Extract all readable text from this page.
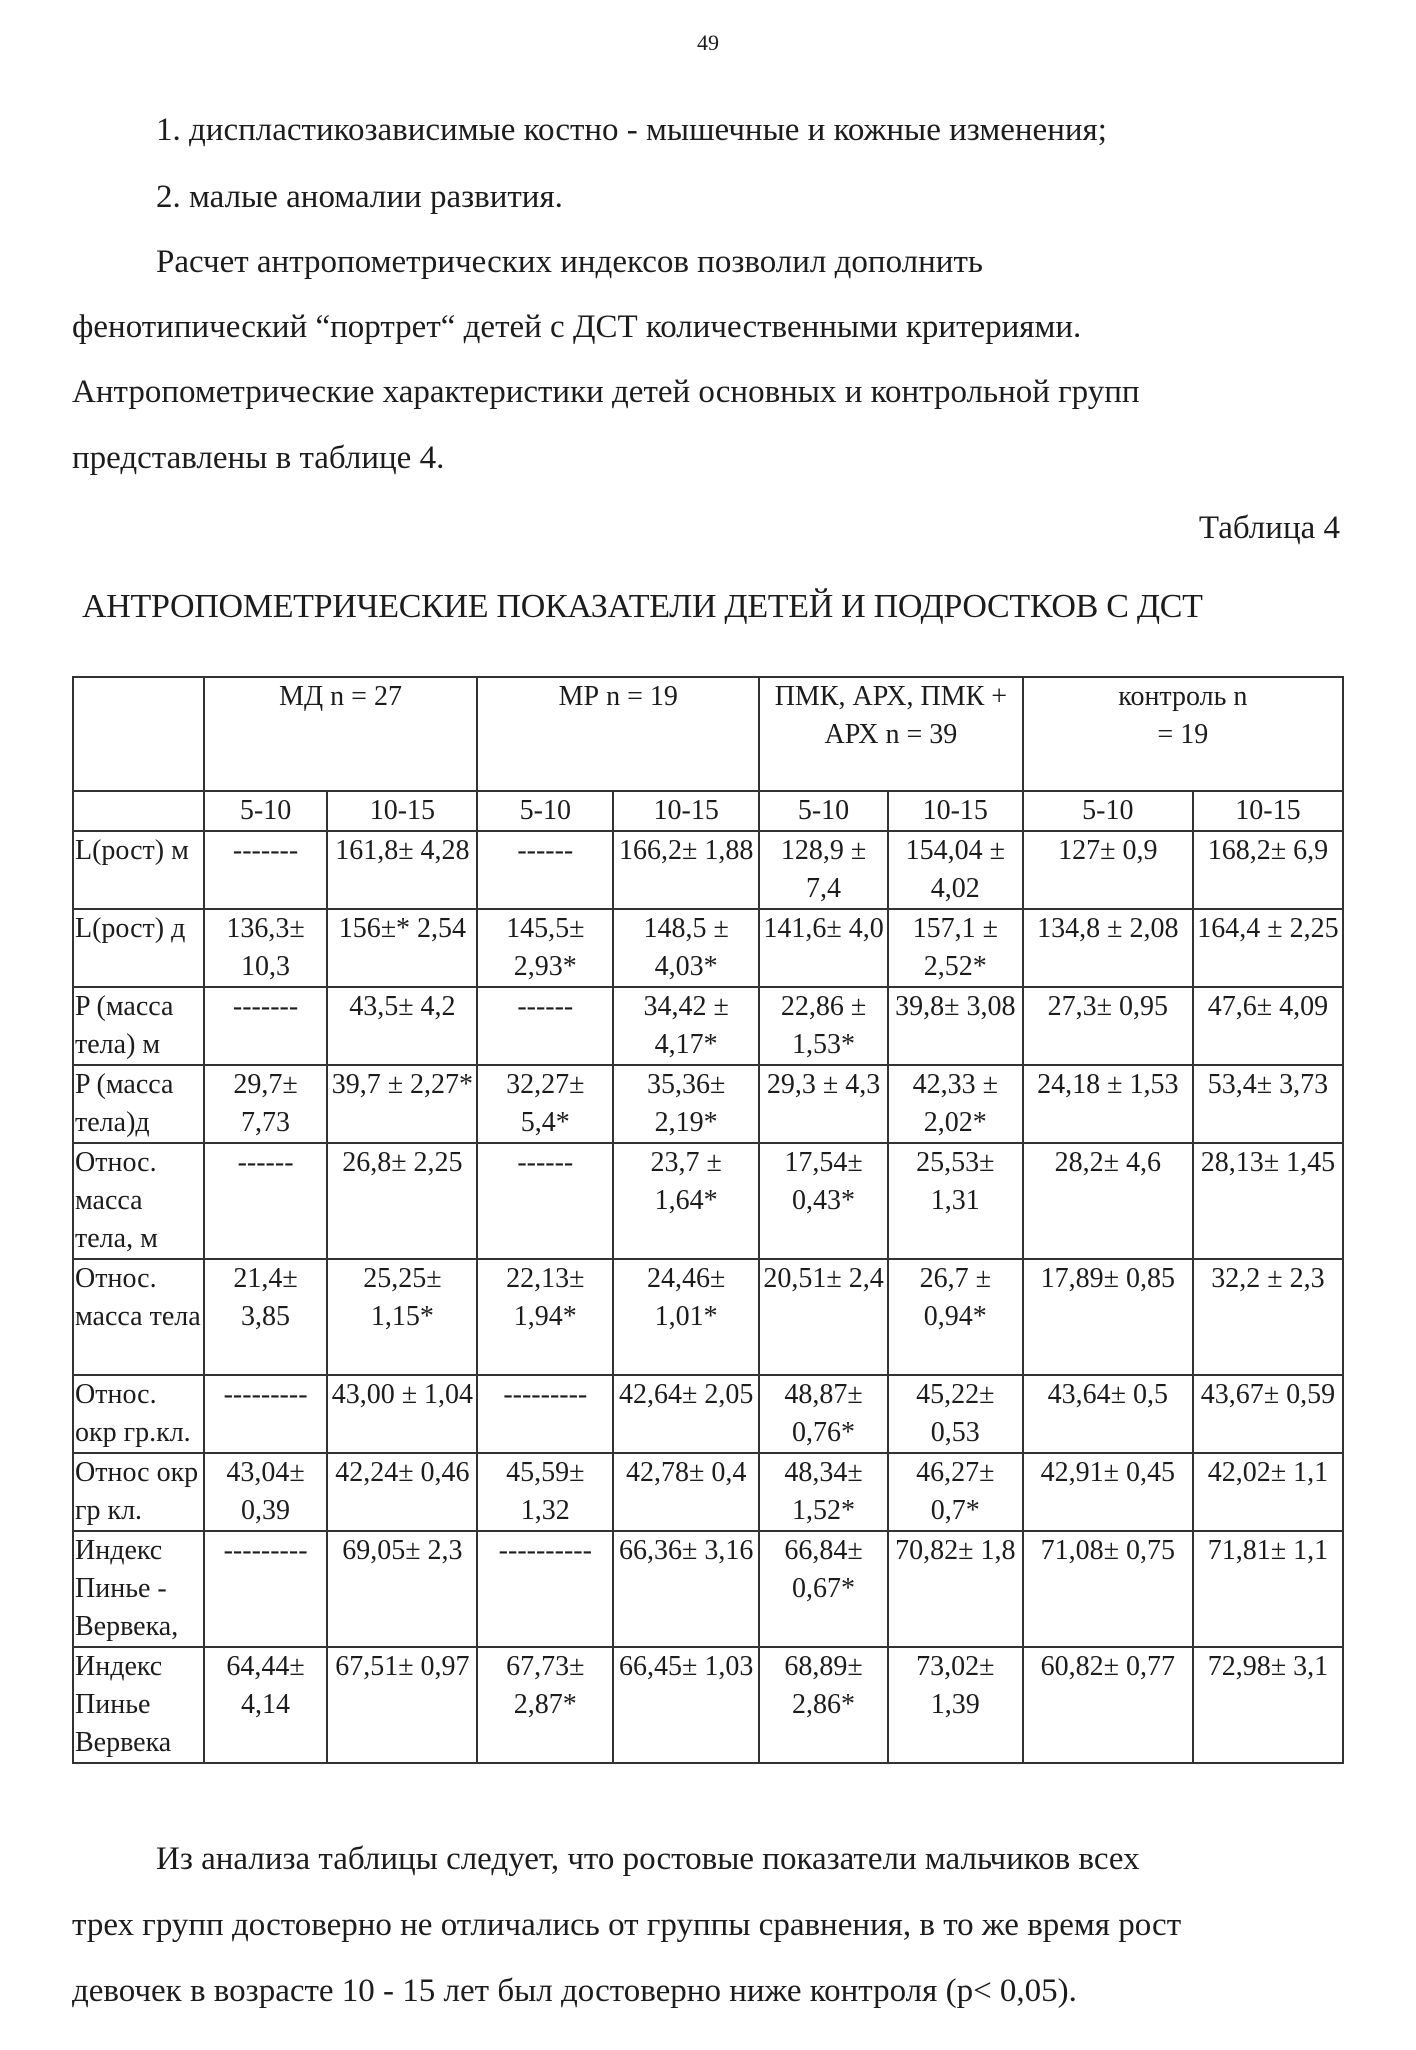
49
1. диспластикозависимые костно - мышечные и кожные изменения;
2. малые аномалии развития.
Расчет антропометрических индексов позволил дополнить
фенотипический “портрет“ детей с ДСТ количественными критериями.
Антропометрические характеристики детей основных и контрольной групп
представлены в таблице 4.
Таблица 4
АНТРОПОМЕТРИЧЕСКИЕ ПОКАЗАТЕЛИ ДЕТЕЙ И ПОДРОСТКОВ С ДСТ
	МД n = 27		МР n = 19		ПМК, АРХ, ПМК + АРХ n = 39		контроль n = 19	

	5-10	10-15	5-10	10-15	5-10	10-15	5-10	10-15
L(рост) м	-------	161,8± 4,28	------	166,2± 1,88	128,9 ± 7,4	154,04 ± 4,02	127± 0,9	168,2± 6,9
L(рост) д	136,3± 10,3	156±* 2,54	145,5± 2,93*	148,5 ± 4,03*	141,6± 4,0	157,1 ± 2,52*	134,8 ± 2,08	164,4 ± 2,25
P (масса тела) м	-------	43,5± 4,2	------	34,42 ± 4,17*	22,86 ± 1,53*	39,8± 3,08	27,3± 0,95	47,6± 4,09
P (масса тела)д	29,7± 7,73	39,7 ± 2,27*	32,27± 5,4*	35,36± 2,19*	29,3 ± 4,3	42,33 ± 2,02*	24,18 ± 1,53	53,4± 3,73
Относ. масса тела, м	------	26,8± 2,25	------	23,7 ± 1,64*	17,54± 0,43*	25,53± 1,31	28,2± 4,6	28,13± 1,45
Относ. масса тела	21,4± 3,85	25,25± 1,15*	22,13± 1,94*	24,46± 1,01*	20,51± 2,4	26,7 ± 0,94*	17,89± 0,85	32,2 ± 2,3
Относ. окр гр.кл.	---------	43,00 ± 1,04	---------	42,64± 2,05	48,87± 0,76*	45,22± 0,53	43,64± 0,5	43,67± 0,59
Относ окр гр кл.	43,04± 0,39	42,24± 0,46	45,59± 1,32	42,78± 0,4	48,34± 1,52*	46,27± 0,7*	42,91± 0,45	42,02± 1,1
Индекс Пинье - Вервека,	---------	69,05± 2,3	----------	66,36± 3,16	66,84± 0,67*	70,82± 1,8	71,08± 0,75	71,81± 1,1
Индекс Пинье Вервека	64,44± 4,14	67,51± 0,97	67,73± 2,87*	66,45± 1,03	68,89± 2,86*	73,02± 1,39	60,82± 0,77	72,98± 3,1
Из анализа таблицы следует, что ростовые показатели мальчиков всех
трех групп достоверно не отличались от группы сравнения, в то же время рост
девочек в возрасте 10 - 15 лет был достоверно ниже контроля (p< 0,05).
